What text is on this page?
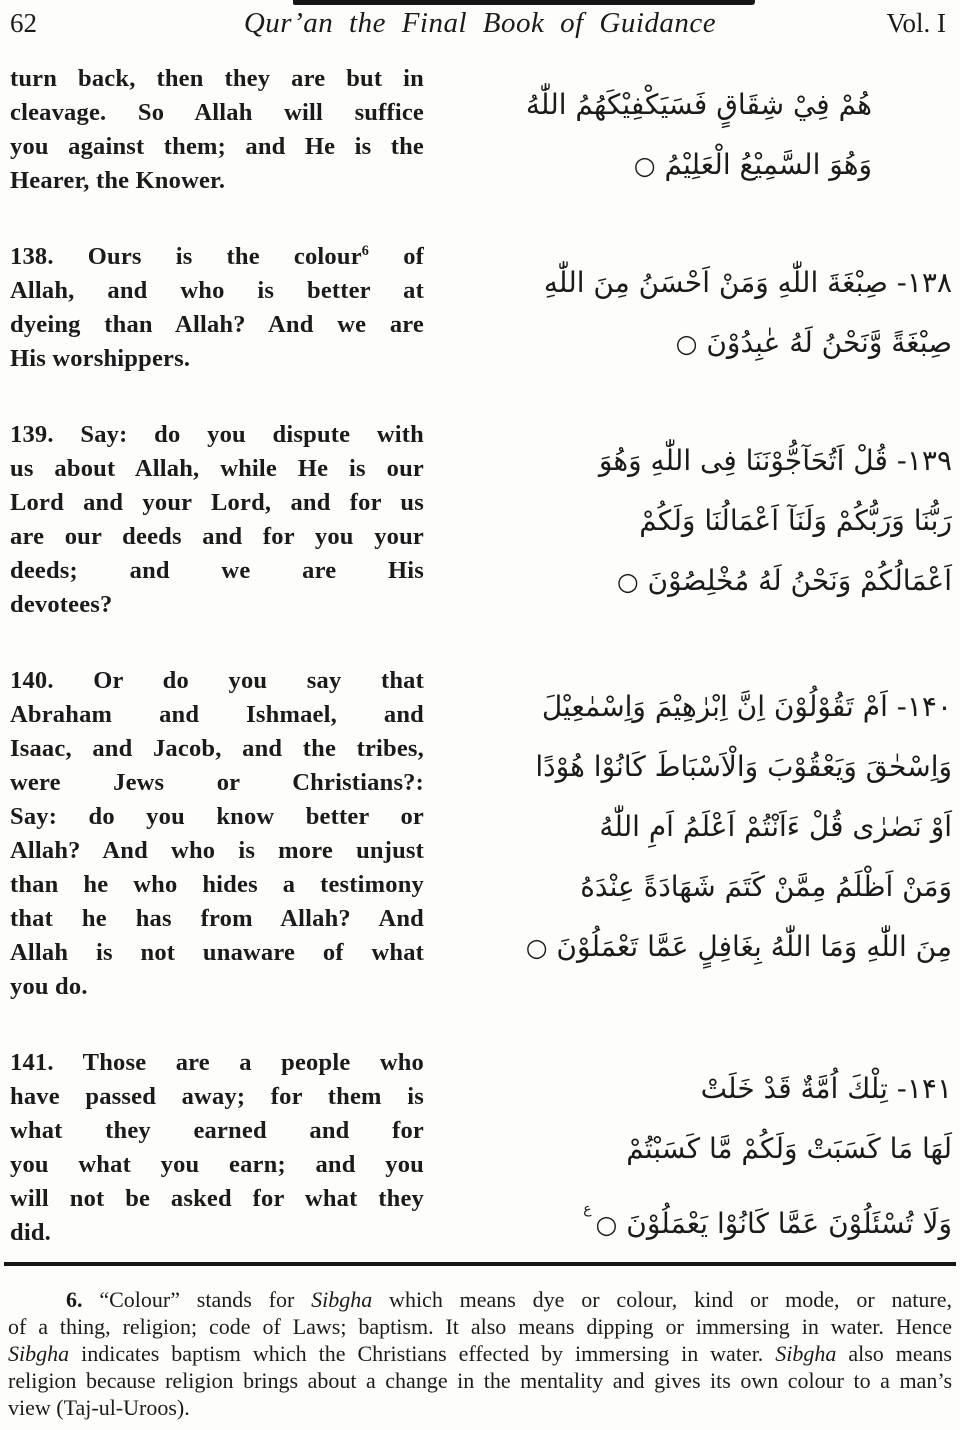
62	Qur’an the Final Book of Guidance	Vol. I
turn back, then they are but in
cleavage. So Allah will suffice
you against them; and He is the
Hearer, the Knower.
هُمْ فِيْ شِقَاقٍ فَسَيَكْفِيْكَهُمُ اللّٰهُ
وَهُوَ السَّمِيْعُ الْعَلِيْمُ ○
138. Ours is the colour$^6$ of
Allah, and who is better at
dyeing than Allah? And we are
His worshippers.
۱۳۸- صِبْغَةَ اللّٰهِ وَمَنْ اَحْسَنُ مِنَ اللّٰهِ
صِبْغَةً وَّنَحْنُ لَهُ عٰبِدُوْنَ ○
139. Say: do you dispute with
us about Allah, while He is our
Lord and your Lord, and for us
are our deeds and for you your
deeds; and we are His
devotees?
۱۳۹- قُلْ اَتُحَآجُّوْنَنَا فِى اللّٰهِ وَهُوَ
رَبُّنَا وَرَبُّكُمْ وَلَنَآ اَعْمَالُنَا وَلَكُمْ
اَعْمَالُكُمْ وَنَحْنُ لَهُ مُخْلِصُوْنَ ○
140. Or do you say that
Abraham and Ishmael, and
Isaac, and Jacob, and the tribes,
were Jews or Christians?:
Say: do you know better or
Allah? And who is more unjust
than he who hides a testimony
that he has from Allah? And
Allah is not unaware of what
you do.
۱۴۰- اَمْ تَقُوْلُوْنَ اِنَّ اِبْرٰهِيْمَ وَاِسْمٰعِيْلَ
وَاِسْحٰقَ وَيَعْقُوْبَ وَالْاَسْبَاطَ كَانُوْا هُوْدًا
اَوْ نَصٰرٰى قُلْ ءَاَنْتُمْ اَعْلَمُ اَمِ اللّٰهُ
وَمَنْ اَظْلَمُ مِمَّنْ كَتَمَ شَهَادَةً عِنْدَهُ
مِنَ اللّٰهِ وَمَا اللّٰهُ بِغَافِلٍ عَمَّا تَعْمَلُوْنَ ○
141. Those are a people who
have passed away; for them is
what they earned and for
you what you earn; and you
will not be asked for what they
did.
۱۴۱- تِلْكَ اُمَّةٌ قَدْ خَلَتْ
لَهَا مَا كَسَبَتْ وَلَكُمْ مَّا كَسَبْتُمْ
وَلَا تُسْئَلُوْنَ عَمَّا كَانُوْا يَعْمَلُوْنَ ○$^ع$
6. “Colour” stands for Sibgha which means dye or colour, kind or mode, or nature,
of a thing, religion; code of Laws; baptism. It also means dipping or immersing in water. Hence
Sibgha indicates baptism which the Christians effected by immersing in water. Sibgha also means
religion because religion brings about a change in the mentality and gives its own colour to a man’s
view (Taj-ul-Uroos).
